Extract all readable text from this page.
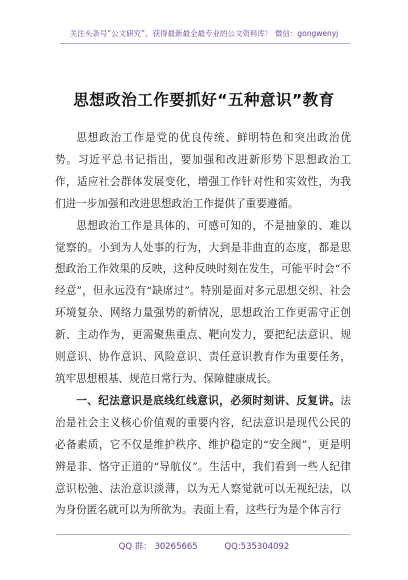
关注头条号“公文研究”，获得最新最全最专业的公文资料库！ 微信：gongwenyj
思想政治工作要抓好“五种意识”教育

思想政治工作是党的优良传统、鲜明特色和突出政治优势。习近平总书记指出，要加强和改进新形势下思想政治工作，适应社会群体发展变化，增强工作针对性和实效性，为我们进一步加强和改进思想政治工作提供了重要遵循。

思想政治工作是具体的、可感可知的，不是抽象的、难以觉察的。小到为人处事的行为，大到是非曲直的态度，都是思想政治工作效果的反映，这种反映时刻在发生，可能平时会“不经意”，但永远没有“缺席过”。特别是面对多元思想交织、社会环境复杂、网络力量强势的新情况，思想政治工作更需守正创新、主动作为，更需聚焦重点、靶向发力，要把纪法意识、规则意识、协作意识、风险意识、责任意识教育作为重要任务，筑牢思想根基、规范日常行为、保障健康成长。

一、纪法意识是底线红线意识，必须时刻讲、反复讲。法治是社会主义核心价值观的重要内容，纪法意识是现代公民的必备素质，它不仅是维护秩序、维护稳定的“安全阀”，更是明辨是非、恪守正道的“导航仪”。生活中，我们看到一些人纪律意识松弛、法治意识淡薄，以为无人察觉就可以无视纪法，以为身份匿名就可以为所欲为。表面上看，这些行为是个体言行

QQ 群： 30265665	QQ:535304092
